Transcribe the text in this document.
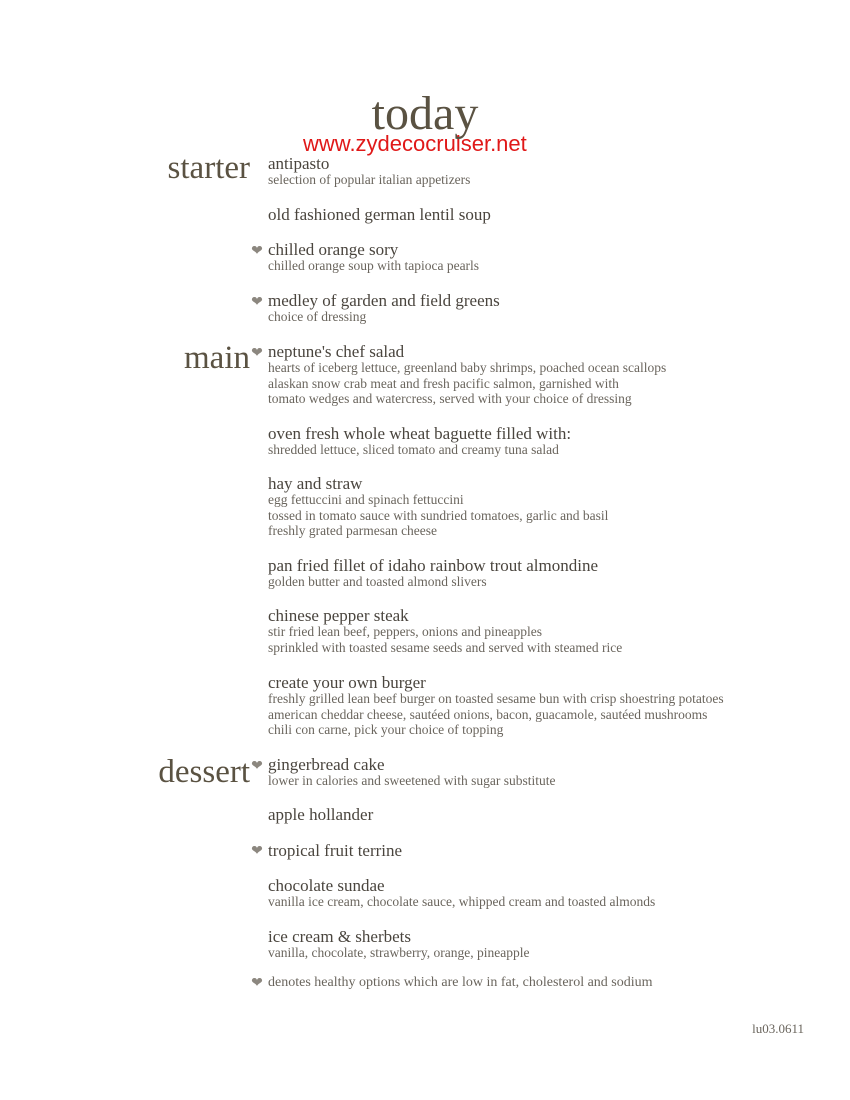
today
www.zydecocruiser.net
starter
main
dessert
antipasto
selection of popular italian appetizers
old fashioned german lentil soup
❤ chilled orange sory
chilled orange soup with tapioca pearls
❤ medley of garden and field greens
choice of dressing
❤ neptune's chef salad
hearts of iceberg lettuce, greenland baby shrimps, poached ocean scallops
alaskan snow crab meat and fresh pacific salmon, garnished with
tomato wedges and watercress, served with your choice of dressing
oven fresh whole wheat baguette filled with:
shredded lettuce, sliced tomato and creamy tuna salad
hay and straw
egg fettuccini and spinach fettuccini
tossed in tomato sauce with sundried tomatoes, garlic and basil
freshly grated parmesan cheese
pan fried fillet of idaho rainbow trout almondine
golden butter and toasted almond slivers
chinese pepper steak
stir fried lean beef, peppers, onions and pineapples
sprinkled with toasted sesame seeds and served with steamed rice
create your own burger
freshly grilled lean beef burger on toasted sesame bun with crisp shoestring potatoes
american cheddar cheese, sautéed onions, bacon, guacamole, sautéed mushrooms
chili con carne, pick your choice of topping
❤ gingerbread cake
lower in calories and sweetened with sugar substitute
apple hollander
❤ tropical fruit terrine
chocolate sundae
vanilla ice cream, chocolate sauce, whipped cream and toasted almonds
ice cream & sherbets
vanilla, chocolate, strawberry, orange, pineapple
❤ denotes healthy options which are low in fat, cholesterol and sodium
lu03.0611
